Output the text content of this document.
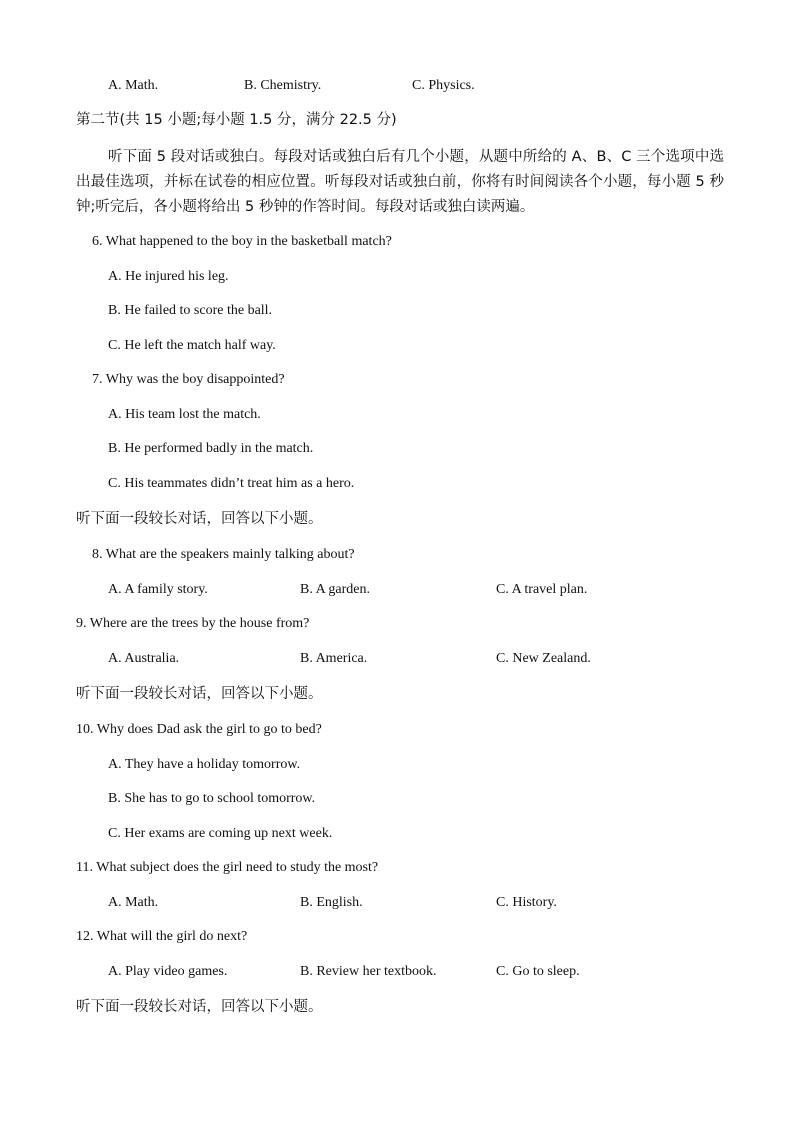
A. Math.	B. Chemistry.	C. Physics.
第二节(共 15 小题;每小题 1.5 分，满分 22.5 分)
听下面 5 段对话或独白。每段对话或独白后有几个小题，从题中所给的 A、B、C 三个选项中选出最佳选项，并标在试卷的相应位置。听每段对话或独白前，你将有时间阅读各个小题，每小题 5 秒钟;听完后，各小题将给出 5 秒钟的作答时间。每段对话或独白读两遍。
6. What happened to the boy in the basketball match?
A. He injured his leg.
B. He failed to score the ball.
C. He left the match half way.
7. Why was the boy disappointed?
A. His team lost the match.
B. He performed badly in the match.
C. His teammates didn’t treat him as a hero.
听下面一段较长对话，回答以下小题。
8. What are the speakers mainly talking about?
A. A family story.	B. A garden.	C. A travel plan.
9. Where are the trees by the house from?
A. Australia.	B. America.	C. New Zealand.
听下面一段较长对话，回答以下小题。
10. Why does Dad ask the girl to go to bed?
A. They have a holiday tomorrow.
B. She has to go to school tomorrow.
C. Her exams are coming up next week.
11. What subject does the girl need to study the most?
A. Math.	B. English.	C. History.
12. What will the girl do next?
A. Play video games.	B. Review her textbook.	C. Go to sleep.
听下面一段较长对话，回答以下小题。
